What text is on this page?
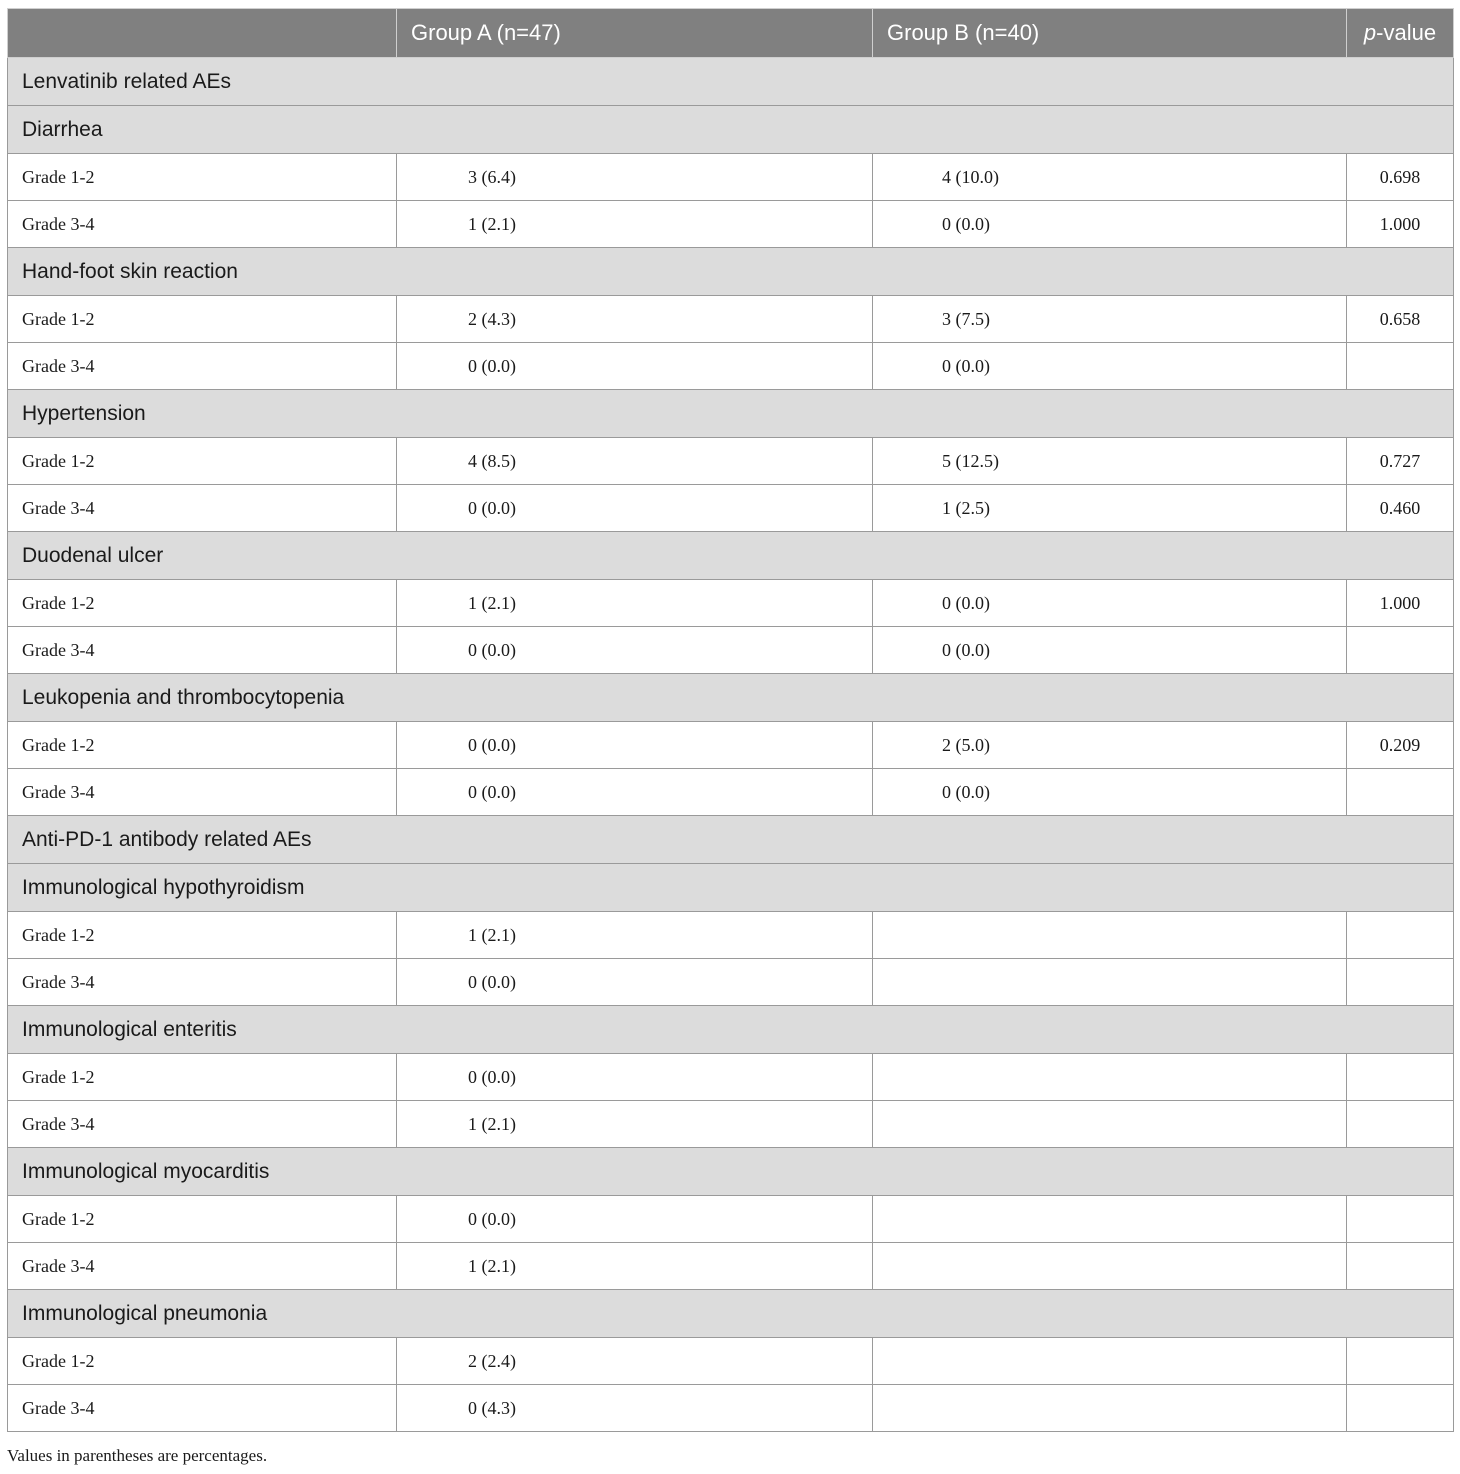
	Group A (n=47)	Group B (n=40)	p-value
Lenvatinib related AEs			
Diarrhea			
Grade 1-2	3 (6.4)	4 (10.0)	0.698
Grade 3-4	1 (2.1)	0 (0.0)	1.000
Hand-foot skin reaction			
Grade 1-2	2 (4.3)	3 (7.5)	0.658
Grade 3-4	0 (0.0)	0 (0.0)	
Hypertension			
Grade 1-2	4 (8.5)	5 (12.5)	0.727
Grade 3-4	0 (0.0)	1 (2.5)	0.460
Duodenal ulcer			
Grade 1-2	1 (2.1)	0 (0.0)	1.000
Grade 3-4	0 (0.0)	0 (0.0)	
Leukopenia and thrombocytopenia			
Grade 1-2	0 (0.0)	2 (5.0)	0.209
Grade 3-4	0 (0.0)	0 (0.0)	
Anti-PD-1 antibody related AEs			
Immunological hypothyroidism			
Grade 1-2	1 (2.1)		
Grade 3-4	0 (0.0)		
Immunological enteritis			
Grade 1-2	0 (0.0)		
Grade 3-4	1 (2.1)		
Immunological myocarditis			
Grade 1-2	0 (0.0)		
Grade 3-4	1 (2.1)		
Immunological pneumonia			
Grade 1-2	2 (2.4)		
Grade 3-4	0 (4.3)		
Values in parentheses are percentages.
